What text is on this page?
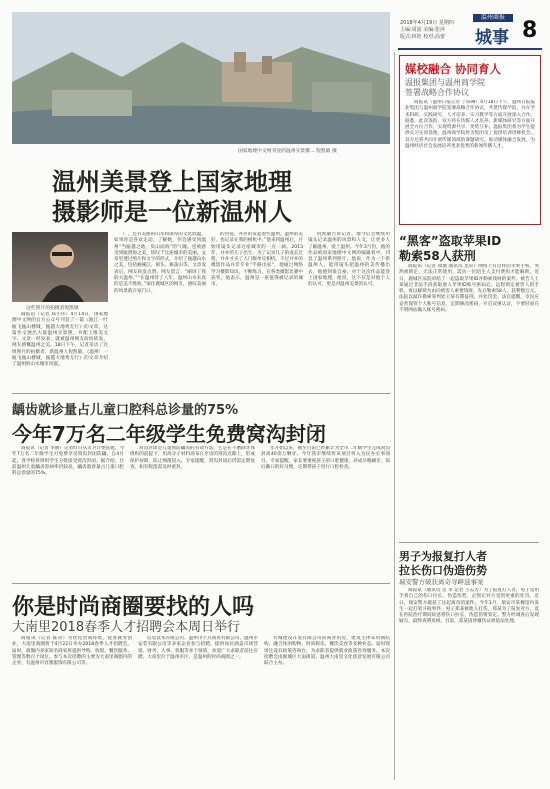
2018年4月19日 星期四
主编:周波 美编:张萍
版式:林艳 校对:高蕾
温州商报
城事 8
国家地理中文网刊登的温州实景摄... 倪凯敏 摄
温州美景登上国家地理
摄影师是一位新温州人
这些照片的拍摄者倪凯敏

商报讯（记者 郑小伟）4月14日，国家地理中文网的官方公众号刊登了一篇《瓯江一叶瓯飞瓯山楼城，瓯越大地秀无行》的文章，这篇作文展出大量温州实景照，并配上唯美文字。文章一经发表，就被温州网友纷纷转发。网友感慨温州之美。18日下午，记者采访了这组照片的拍摄者，新温州人倪凯敏。《温州！一瓯飞瓯山楼城，瓯越大地秀无行》的文章介绍了温州的山水城市风貌。

厂，还有美丽的山水和深厚的文化底蕴。如果你是喜欢走动、了解她，你会感受到温州“当瓯越之地，负山面海”的气魄。也被感受到瓯潜海之美，惊叹于这座城市的美丽。文章里透过照片和文字的形式，介绍了瓯越山水之美，包括楠溪江、洞头、雁荡山等。文章发表后，网友转发点赞。网友留言：“刷屏了我的大温州。”“在温州待了八年，温州山水未真的是美不胜收。”家住鹿城区的网友，感叹美丽的风景就在家门口。

的热爱，并并的发起着些温州。温州的美好，也记录在我的相机中。”他来到温州后，开始用镜头记录这座城市的一点一滴。2013年，并并的儿子出生，为了记录儿子的成长过程，并并才买了人门级单反相机。不过并并的摄影作品并非专业“半路出家”，他通过网络学习摄影知识，不断练习，在各类摄影比赛中获奖。他表示，温州是一座值得被记录的城市。

倪凯敏告诉记者，他今后会继续用镜头记录温州的风景和人文，让更多人了解温州、爱上温州。今年3月份，他的作品被国家地理中文网的编辑看中，刊登了温州系列照片。他说，作为一个新温州人，能用镜头把温州的美传播出去，他感到很自豪。对于这次作品能登上国家地理，他说，这不仅是对他个人的认可，更是对温州美景的认可。

龋齿就诊量占儿童口腔科总诊量的75%
今年7万名二年级学生免费窝沟封闭

商报讯（记者 李晓）记者昨日从市卫计委获悉，今年7万名二年级学生可免费享受窝沟封闭防龋，自4月起，各学校将组织学生分批接受窝沟封闭。据介绍，目前温州儿童龋齿患病率仍较高，龋齿就诊量占儿童口腔科总诊量的75%。

窝沟封闭是儿童预防龋齿的有效方法，它是在不磨除牙体组织的前提下，用高分子材料涂布在牙齿的窝沟点隙上，形成保护屏障，防止细菌侵入。专家提醒，窝沟封闭后仍需定期复查，如有脱落需及时重封。

年开始以来，截至目前已经累计为全市二年级学生完成窝沟封闭40余万颗牙。今年我市继续将该项目列入为民办实事项目。专家提醒，家长要重视孩子的口腔健康，养成早晚刷牙、饭后漱口的好习惯，定期带孩子进行口腔检查。

你是时尚商圈要找的人吗
大南里2018春季人才招聘会本周日举行

商报讯（记者 陈崇）为优化营商环境，促进就业创业，大南里商圈将于4月22日举办2018春季人才招聘会。届时，商圈内多家知名商家将提供导购、收银、餐饮服务、管理等数百个岗位。参与本次招聘的主要为大南里商圈内的企业，有温州市容雅服饰有限公司等。

信息技术有限公司、温州市宇点商贸有限公司、温州市安装有限公司等多家企业参与招聘，提供岗位涵盖市场营销、财务、人事、客服等多个领域，欢迎广大求职者前往应聘。大南里位于温州市区，是温州的时尚商圈之一。

名城建设开发有限公司的商业用房，建筑主体采用钢结构，融合休闲购物、时尚娱乐、餐饮美食等多种业态。届时现场还设有政策咨询台，为求职者提供就业政策咨询服务。本次招聘会由鹿城区大南街道、温州大南里文化创意发展有限公司联合主办。

媒校融合 协同育人
温报集团与温州商学院
签署战略合作协议

商报讯（温州日报记者 丁陈琳）4月18日下午，温州日报报业集团与温州商学院签署战略合作协议，共建传媒学院，并在学术科研、实践研究、人才培养、实习教学等方面开展深入合作。据悉，此次签约，双方将在传媒人才培养、新媒体研究等方面开展全方位合作，实现资源共享、优势互补。温报集团将为学生提供实习实训基地，温州商学院将为集团员工提供培训进修机会。双方还将共同开展传媒领域的课题研究，推动媒体融合发展，为温州经济社会发展培养更多优秀的新闻传播人才。

“黑客”盗取苹果ID
勒索58人获刑

商报讯（记者 项驰 通讯员 龙轩）网络上有这样的苹果手机，突然被锁定，无法正常使用，需向一位陌生人支付费用才能解锁。近日，鹿城区法院审结了一起盗取苹果ID并勒索钱财的案件。被告人王某通过非法手段获取他人苹果ID账号密码后，远程锁定被害人的手机，再以解锁为由向被害人索要钱财，先后勒索58人，获利数万元。法院以敲诈勒索罪判处王某有期徒刑，并处罚金。法官提醒，市民应妥善保管个人账号信息，定期修改密码，开启双重认证，不要轻易在不明网站输入账号密码。

男子为报复打人者
拉长伤口伪造伤势
瑞安警方破获离奇寻衅滋事案

商报讯（通讯员 吴 李 记者 王志芳）为了报复打人者，男子竟用手将自己的伤口拉长，伪造伤势，企图让对方受到更重的处罚。近日，瑞安警方破获了这起离奇的案件。今年3月，瑞安市某餐馆内发生一起打架斗殴事件，男子郑某被他人打伤，郑某为了报复对方，竟在医院治疗期间故意将伤口拉长，伪造伤情鉴定。警方经调查后发现疑点，最终查明真相。目前，郑某因涉嫌伪证被依法处理。
